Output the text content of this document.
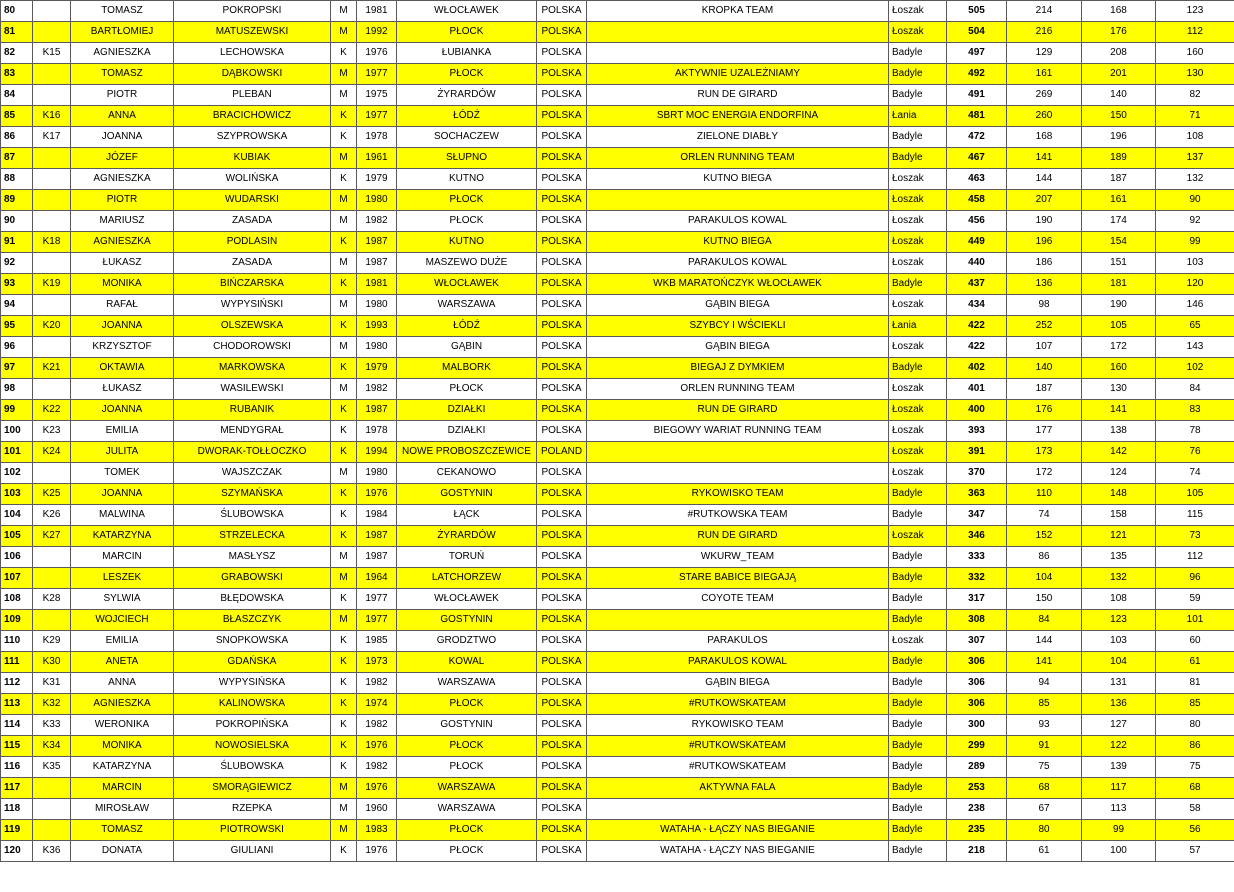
80		TOMASZ	POKROPSKI	M	1981	WŁOCŁAWEK	POLSKA	KROPKA TEAM	Łoszak	505	214	168	123
81		BARTŁOMIEJ	MATUSZEWSKI	M	1992	PŁOCK	POLSKA		Łoszak	504	216	176	112
82	K15	AGNIESZKA	LECHOWSKA	K	1976	ŁUBIANKA	POLSKA		Badyle	497	129	208	160
83		TOMASZ	DĄBKOWSKI	M	1977	PŁOCK	POLSKA	AKTYWNIE UZALEŻNIAMY	Badyle	492	161	201	130
84		PIOTR	PLEBAN	M	1975	ŻYRARDÓW	POLSKA	RUN DE GIRARD	Badyle	491	269	140	82
85	K16	ANNA	BRACICHOWICZ	K	1977	ŁÓDŹ	POLSKA	SBRT MOC ENERGIA ENDORFINA	Łania	481	260	150	71
86	K17	JOANNA	SZYPROWSKA	K	1978	SOCHACZEW	POLSKA	ZIELONE DIABŁY	Badyle	472	168	196	108
87		JÓZEF	KUBIAK	M	1961	SŁUPNO	POLSKA	ORLEN RUNNING TEAM	Badyle	467	141	189	137
88		AGNIESZKA	WOLIŃSKA	K	1979	KUTNO	POLSKA	KUTNO BIEGA	Łoszak	463	144	187	132
89		PIOTR	WUDARSKI	M	1980	PŁOCK	POLSKA		Łoszak	458	207	161	90
90		MARIUSZ	ZASADA	M	1982	PŁOCK	POLSKA	PARAKULOS KOWAL	Łoszak	456	190	174	92
91	K18	AGNIESZKA	PODLASIN	K	1987	KUTNO	POLSKA	KUTNO BIEGA	Łoszak	449	196	154	99
92		ŁUKASZ	ZASADA	M	1987	MASZEWO DUŻE	POLSKA	PARAKULOS KOWAL	Łoszak	440	186	151	103
93	K19	MONIKA	BIŃCZARSKA	K	1981	WŁOCŁAWEK	POLSKA	WKB MARATOŃCZYK WŁOCŁAWEK	Badyle	437	136	181	120
94		RAFAŁ	WYPYSIŃSKI	M	1980	WARSZAWA	POLSKA	GĄBIN BIEGA	Łoszak	434	98	190	146
95	K20	JOANNA	OLSZEWSKA	K	1993	ŁÓDŹ	POLSKA	SZYBCY I WŚCIEKLI	Łania	422	252	105	65
96		KRZYSZTOF	CHODOROWSKI	M	1980	GĄBIN	POLSKA	GĄBIN BIEGA	Łoszak	422	107	172	143
97	K21	OKTAWIA	MARKOWSKA	K	1979	MALBORK	POLSKA	BIEGAJ Z DYMKIEM	Badyle	402	140	160	102
98		ŁUKASZ	WASILEWSKI	M	1982	PŁOCK	POLSKA	ORLEN RUNNING TEAM	Łoszak	401	187	130	84
99	K22	JOANNA	RUBANIK	K	1987	DZIAŁKI	POLSKA	RUN DE GIRARD	Łoszak	400	176	141	83
100	K23	EMILIA	MENDYGRAŁ	K	1978	DZIAŁKI	POLSKA	BIEGOWY WARIAT RUNNING TEAM	Łoszak	393	177	138	78
101	K24	JULITA	DWORAK-TOŁŁOCZKO	K	1994	NOWE PROBOSZCZEWICE	POLAND		Łoszak	391	173	142	76
102		TOMEK	WAJSZCZAK	M	1980	CEKANOWO	POLSKA		Łoszak	370	172	124	74
103	K25	JOANNA	SZYMAŃSKA	K	1976	GOSTYNIN	POLSKA	RYKOWISKO TEAM	Badyle	363	110	148	105
104	K26	MALWINA	ŚLUBOWSKA	K	1984	ŁĄCK	POLSKA	#RUTKOWSKA TEAM	Badyle	347	74	158	115
105	K27	KATARZYNA	STRZELECKA	K	1987	ŻYRARDÓW	POLSKA	RUN DE GIRARD	Łoszak	346	152	121	73
106		MARCIN	MASŁYSZ	M	1987	TORUŃ	POLSKA	WKURW_TEAM	Badyle	333	86	135	112
107		LESZEK	GRABOWSKI	M	1964	LATCHORZEW	POLSKA	STARE BABICE BIEGAJĄ	Badyle	332	104	132	96
108	K28	SYLWIA	BŁĘDOWSKA	K	1977	WŁOCŁAWEK	POLSKA	COYOTE TEAM	Badyle	317	150	108	59
109		WOJCIECH	BŁASZCZYK	M	1977	GOSTYNIN	POLSKA		Badyle	308	84	123	101
110	K29	EMILIA	SNOPKOWSKA	K	1985	GRODZTWO	POLSKA	PARAKULOS	Łoszak	307	144	103	60
111	K30	ANETA	GDAŃSKA	K	1973	KOWAL	POLSKA	PARAKULOS KOWAL	Badyle	306	141	104	61
112	K31	ANNA	WYPYSIŃSKA	K	1982	WARSZAWA	POLSKA	GĄBIN BIEGA	Badyle	306	94	131	81
113	K32	AGNIESZKA	KALINOWSKA	K	1974	PŁOCK	POLSKA	#RUTKOWSKATEAM	Badyle	306	85	136	85
114	K33	WERONIKA	POKROPIŃSKA	K	1982	GOSTYNIN	POLSKA	RYKOWISKO TEAM	Badyle	300	93	127	80
115	K34	MONIKA	NOWOSIELSKA	K	1976	PŁOCK	POLSKA	#RUTKOWSKATEAM	Badyle	299	91	122	86
116	K35	KATARZYNA	ŚLUBOWSKA	K	1982	PŁOCK	POLSKA	#RUTKOWSKATEAM	Badyle	289	75	139	75
117		MARCIN	SMORĄGIEWICZ	M	1976	WARSZAWA	POLSKA	AKTYWNA FALA	Badyle	253	68	117	68
118		MIROSŁAW	RZEPKA	M	1960	WARSZAWA	POLSKA		Badyle	238	67	113	58
119		TOMASZ	PIOTROWSKI	M	1983	PŁOCK	POLSKA	WATAHA - ŁĄCZY NAS BIEGANIE	Badyle	235	80	99	56
120	K36	DONATA	GIULIANI	K	1976	PŁOCK	POLSKA	WATAHA - ŁĄCZY NAS BIEGANIE	Badyle	218	61	100	57
